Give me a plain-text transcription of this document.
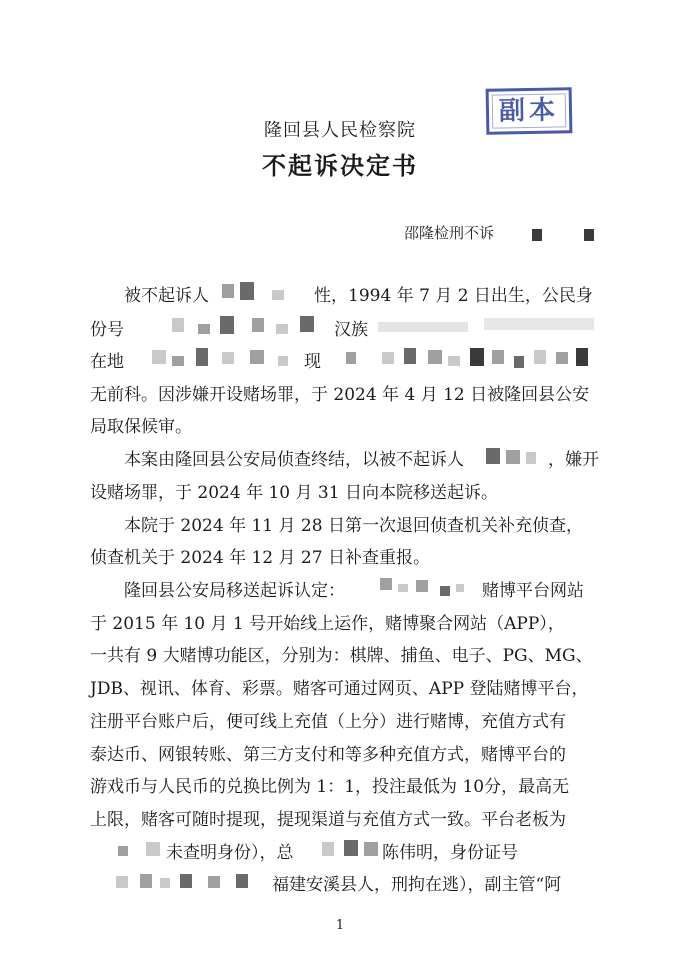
副本
隆回县人民检察院
不起诉决定书
邵隆检刑不诉
被不起诉人	性，1994 年 7 月 2 日出生，公民身
份号	汉族
在地	现
无前科。因涉嫌开设赌场罪，于 2024 年 4 月 12 日被隆回县公安
局取保候审。
本案由隆回县公安局侦查终结，以被不起诉人	，嫌开
设赌场罪，于 2024 年 10 月 31 日向本院移送起诉。
本院于 2024 年 11 月 28 日第一次退回侦查机关补充侦查，
侦查机关于 2024 年 12 月 27 日补查重报。
隆回县公安局移送起诉认定：	赌博平台网站
于 2015 年 10 月 1 号开始线上运作，赌博聚合网站（APP），
一共有 9 大赌博功能区，分别为：棋牌、捕鱼、电子、PG、MG、
JDB、视讯、体育、彩票。赌客可通过网页、APP 登陆赌博平台，
注册平台账户后，便可线上充值（上分）进行赌博，充值方式有
泰达币、网银转账、第三方支付和等多种充值方式，赌博平台的
游戏币与人民币的兑换比例为 1：1，投注最低为 10分，最高无
上限，赌客可随时提现，提现渠道与充值方式一致。平台老板为
未查明身份），总	陈伟明，身份证号
福建安溪县人，刑拘在逃），副主管“阿
1
